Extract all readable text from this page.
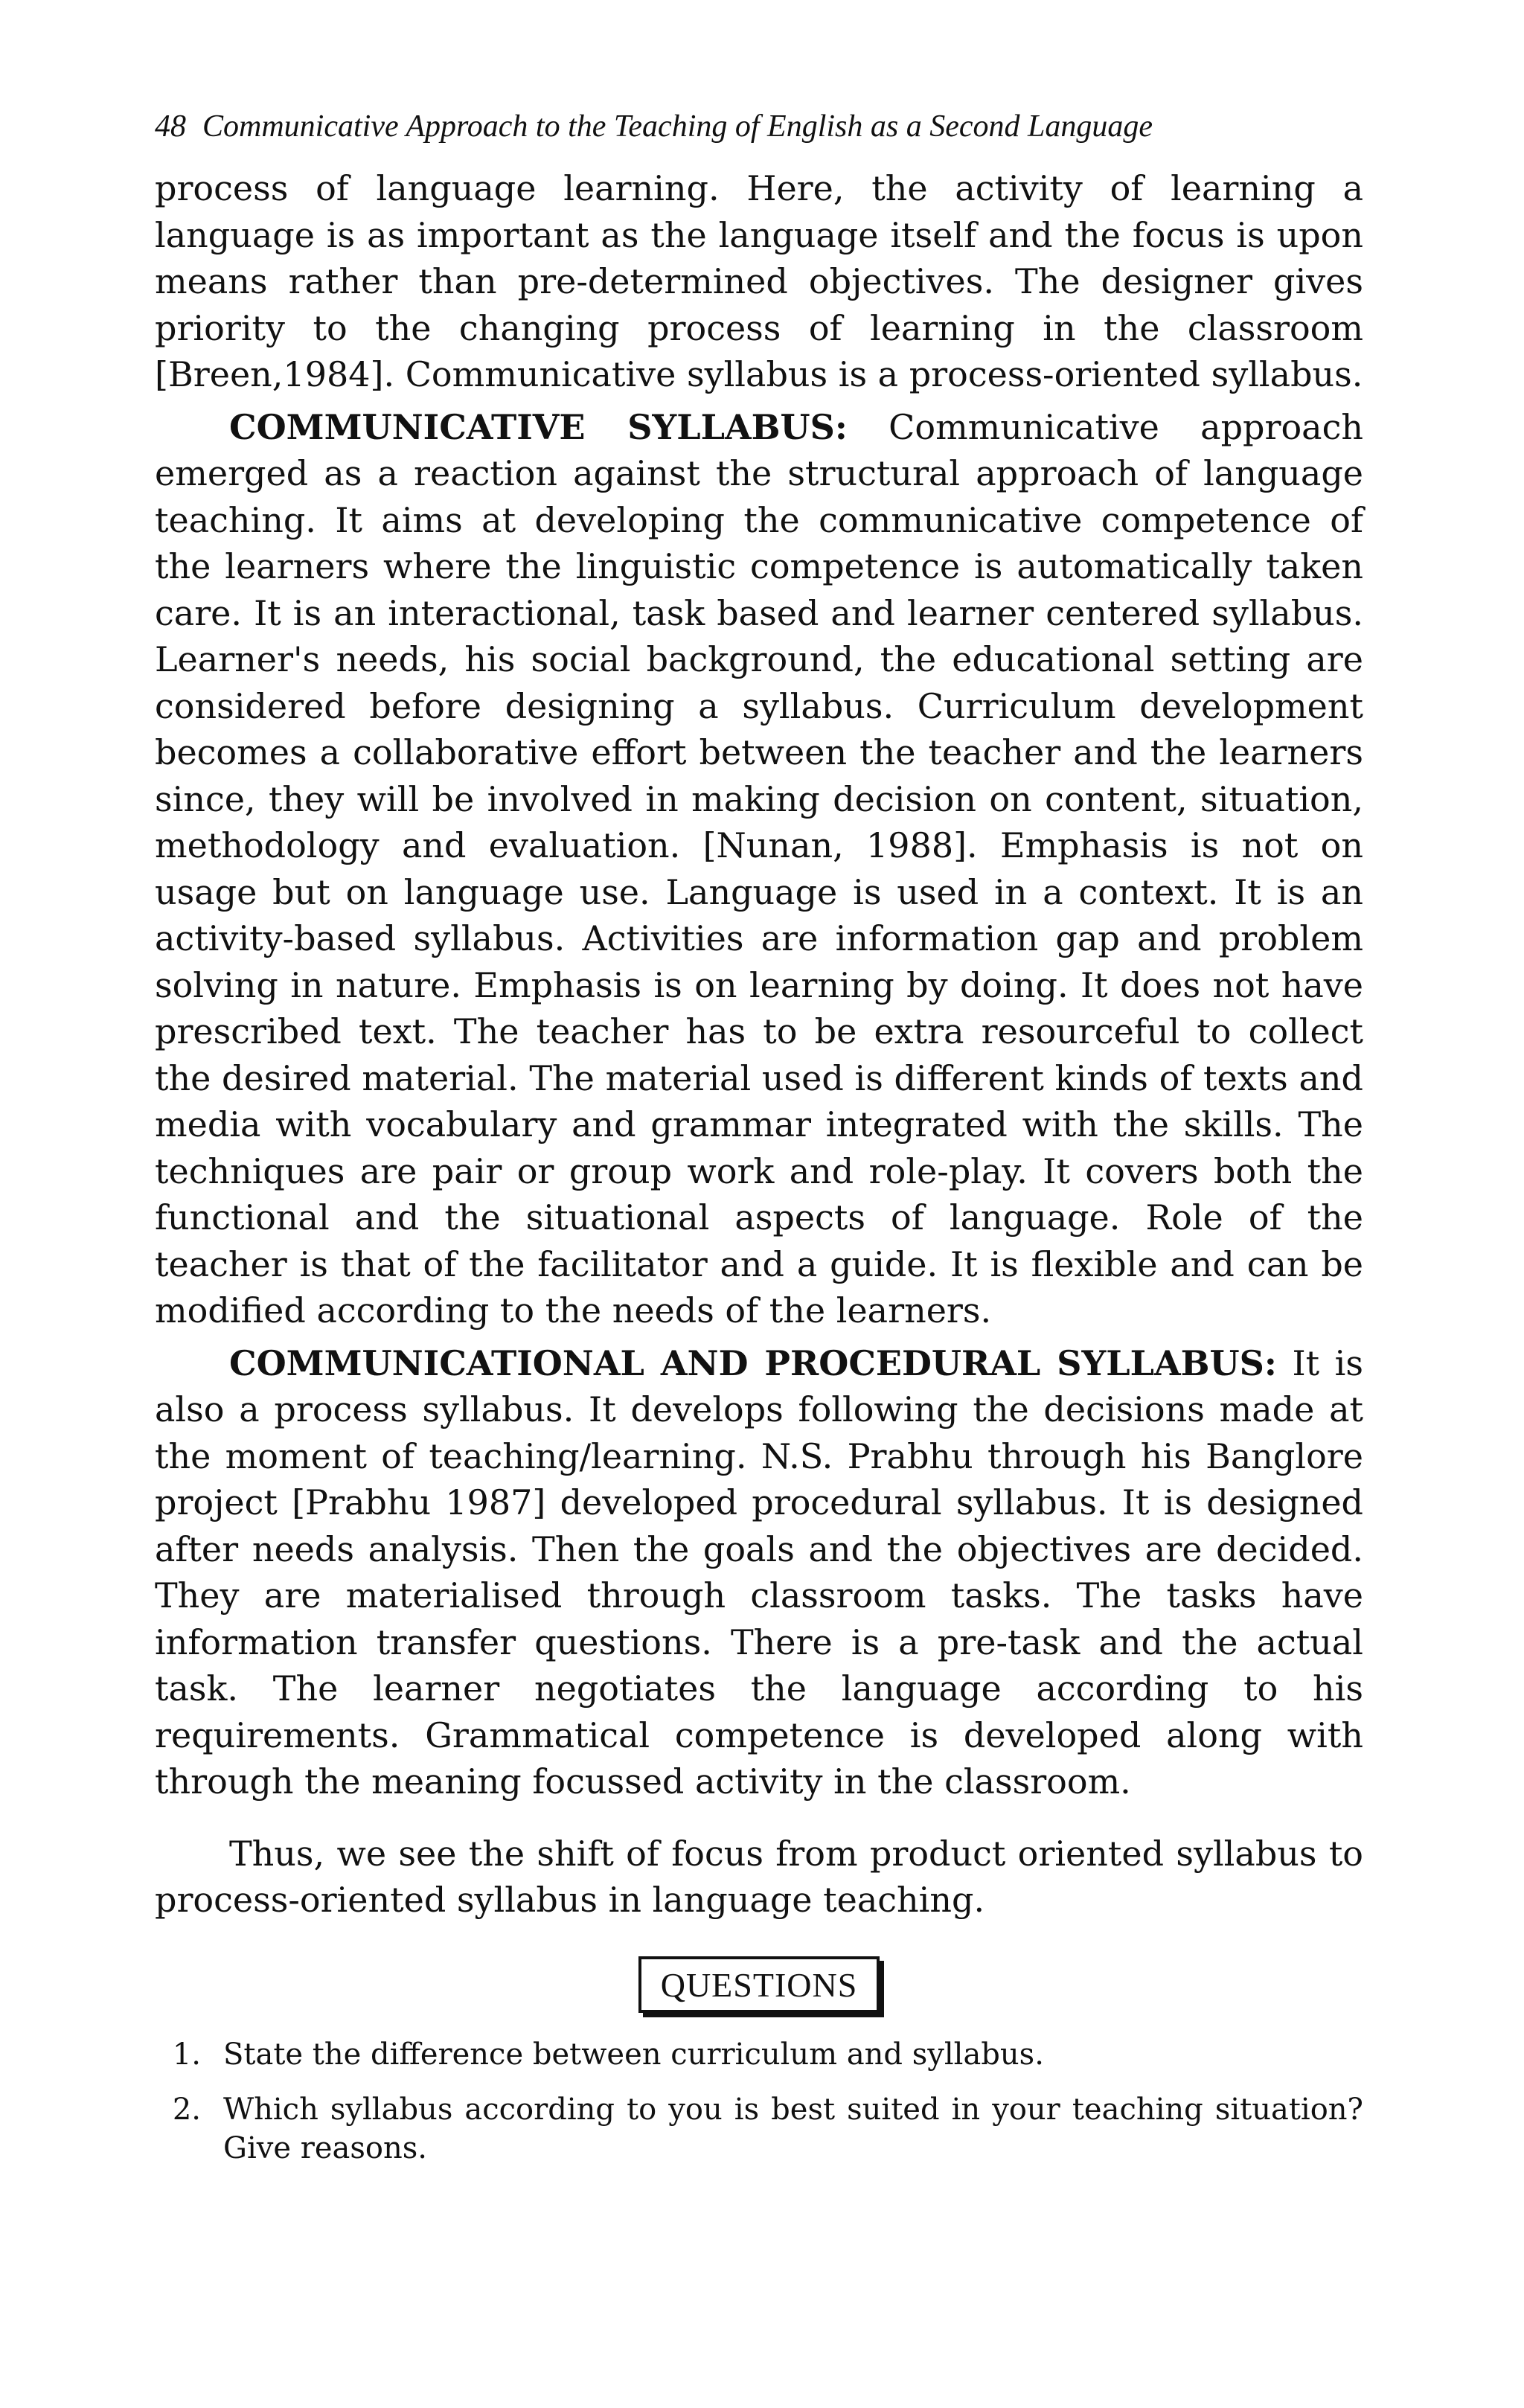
48 Communicative Approach to the Teaching of English as a Second Language

process of language learning. Here, the activity of learning a language is as important as the language itself and the focus is upon means rather than pre-determined objectives. The designer gives priority to the changing process of learning in the classroom [Breen,1984]. Communicative syllabus is a process-oriented syllabus.

COMMUNICATIVE SYLLABUS: Communicative approach emerged as a reaction against the structural approach of language teaching. It aims at developing the communicative competence of the learners where the linguistic competence is automatically taken care. It is an interactional, task based and learner centered syllabus. Learner's needs, his social background, the educational setting are considered before designing a syllabus. Curriculum development becomes a collaborative effort between the teacher and the learners since, they will be involved in making decision on content, situation, methodology and evaluation. [Nunan, 1988]. Emphasis is not on usage but on language use. Language is used in a context. It is an activity-based syllabus. Activities are information gap and problem solving in nature. Emphasis is on learning by doing. It does not have prescribed text. The teacher has to be extra resourceful to collect the desired material. The material used is different kinds of texts and media with vocabulary and grammar integrated with the skills. The techniques are pair or group work and role-play. It covers both the functional and the situational aspects of language. Role of the teacher is that of the facilitator and a guide. It is flexible and can be modified according to the needs of the learners.

COMMUNICATIONAL AND PROCEDURAL SYLLABUS: It is also a process syllabus. It develops following the decisions made at the moment of teaching/learning. N.S. Prabhu through his Banglore project [Prabhu 1987] developed procedural syllabus. It is designed after needs analysis. Then the goals and the objectives are decided. They are materialised through classroom tasks. The tasks have information transfer questions. There is a pre-task and the actual task. The learner negotiates the language according to his requirements. Grammatical competence is developed along with through the meaning focussed activity in the classroom.

Thus, we see the shift of focus from product oriented syllabus to process-oriented syllabus in language teaching.

QUESTIONS
1. State the difference between curriculum and syllabus.
2. Which syllabus according to you is best suited in your teaching situation? Give reasons.
